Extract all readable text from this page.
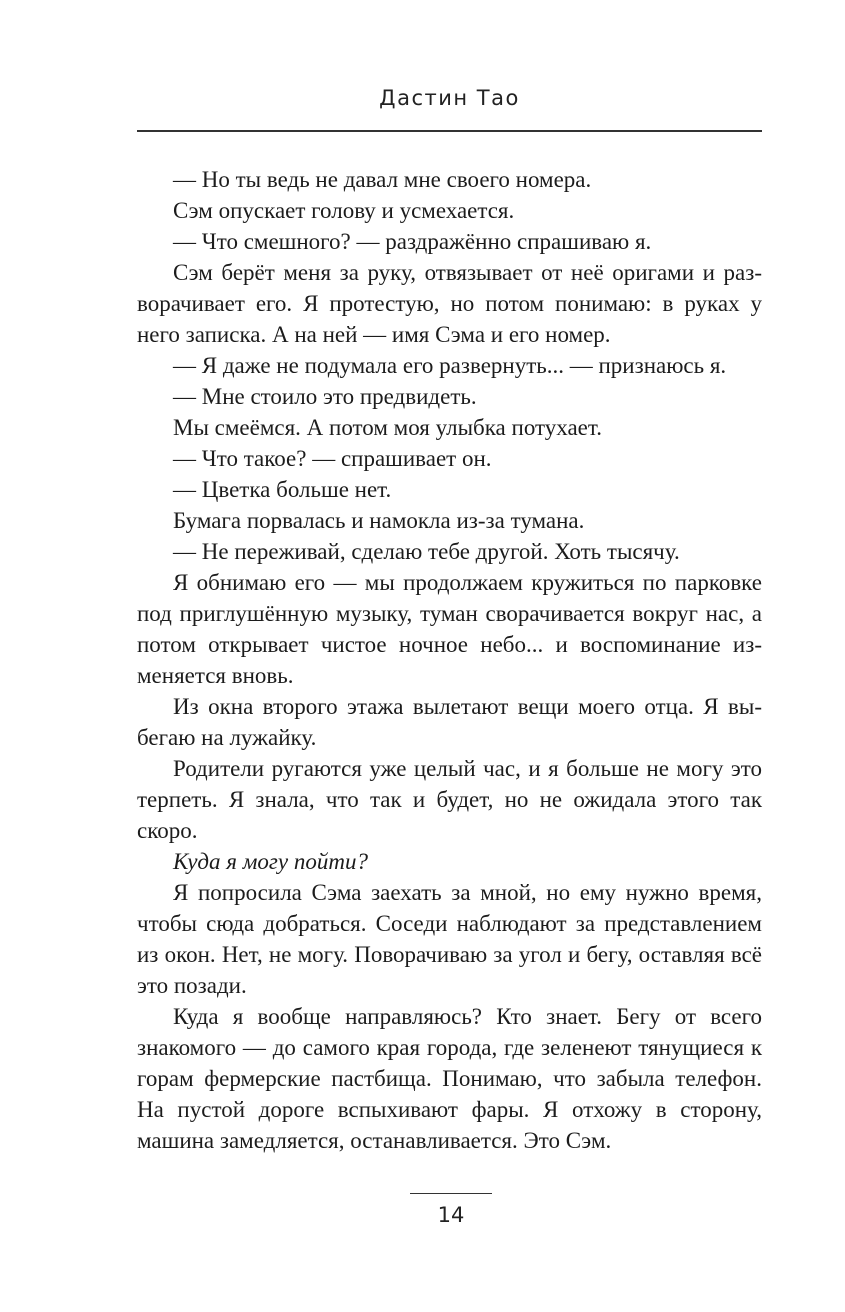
Дастин Тао

— Но ты ведь не давал мне своего номера.

Сэм опускает голову и усмехается.

— Что смешного? — раздражённо спрашиваю я.

Сэм берёт меня за руку, отвязывает от неё оригами и разворачивает его. Я протестую, но потом понимаю: в руках у него записка. А на ней — имя Сэма и его номер.

— Я даже не подумала его развернуть... — признаюсь я.

— Мне стоило это предвидеть.

Мы смеёмся. А потом моя улыбка потухает.

— Что такое? — спрашивает он.

— Цветка больше нет.

Бумага порвалась и намокла из-за тумана.

— Не переживай, сделаю тебе другой. Хоть тысячу.

Я обнимаю его — мы продолжаем кружиться по парковке под приглушённую музыку, туман сворачивается вокруг нас, а потом открывает чистое ночное небо... и воспоминание изменяется вновь.

Из окна второго этажа вылетают вещи моего отца. Я выбегаю на лужайку.

Родители ругаются уже целый час, и я больше не могу это терпеть. Я знала, что так и будет, но не ожидала этого так скоро.

Куда я могу пойти?

Я попросила Сэма заехать за мной, но ему нужно время, чтобы сюда добраться. Соседи наблюдают за представлением из окон. Нет, не могу. Поворачиваю за угол и бегу, оставляя всё это позади.

Куда я вообще направляюсь? Кто знает. Бегу от всего знакомого — до самого края города, где зеленеют тянущиеся к горам фермерские пастбища. Понимаю, что забыла телефон. На пустой дороге вспыхивают фары. Я отхожу в сторону, машина замедляется, останавливается. Это Сэм.

14
